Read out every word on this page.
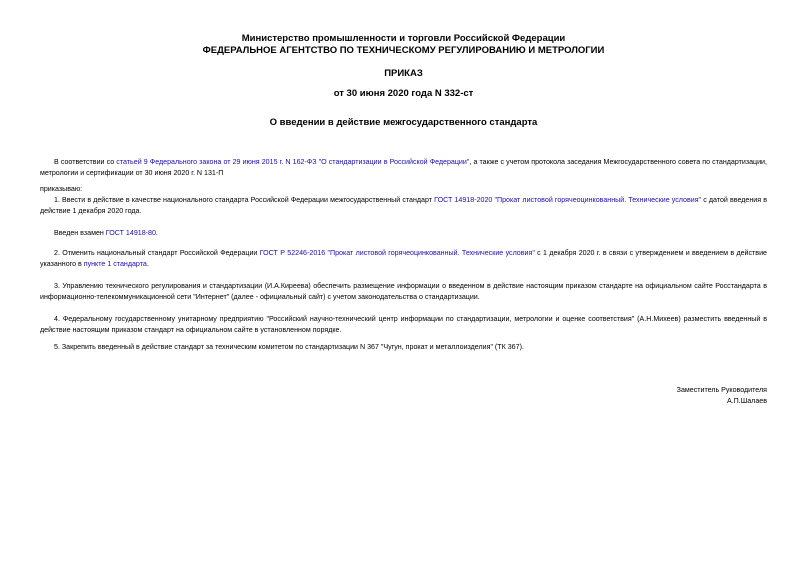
Министерство промышленности и торговли Российской Федерации
ФЕДЕРАЛЬНОЕ АГЕНТСТВО ПО ТЕХНИЧЕСКОМУ РЕГУЛИРОВАНИЮ И МЕТРОЛОГИИ
ПРИКАЗ
от 30 июня 2020 года N 332-ст
О введении в действие межгосударственного стандарта
В соответствии со статьей 9 Федерального закона от 29 июня 2015 г. N 162-ФЗ "О стандартизации в Российской Федерации", а также с учетом протокола заседания Межгосударственного совета по стандартизации, метрологии и сертификации от 30 июня 2020 г. N 131-П
приказываю:
1. Ввести в действие в качестве национального стандарта Российской Федерации межгосударственный стандарт ГОСТ 14918-2020 "Прокат листовой горячеоцинкованный. Технические условия" с датой введения в действие 1 декабря 2020 года.
Введен взамен ГОСТ 14918-80.
2. Отменить национальный стандарт Российской Федерации ГОСТ Р 52246-2016 "Прокат листовой горячеоцинкованный. Технические условия" с 1 декабря 2020 г. в связи с утверждением и введением в действие указанного в пункте 1 стандарта.
3. Управлению технического регулирования и стандартизации (И.А.Киреева) обеспечить размещение информации о введенном в действие настоящим приказом стандарте на официальном сайте Росстандарта в информационно-телекоммуникационной сети "Интернет" (далее - официальный сайт) с учетом законодательства о стандартизации.
4. Федеральному государственному унитарному предприятию "Российский научно-технический центр информации по стандартизации, метрологии и оценке соответствия" (А.Н.Михеев) разместить введенный в действие настоящим приказом стандарт на официальном сайте в установленном порядке.
5. Закрепить введенный в действие стандарт за техническим комитетом по стандартизации N 367 "Чугун, прокат и металлоизделия" (ТК 367).
Заместитель Руководителя
А.П.Шалаев
